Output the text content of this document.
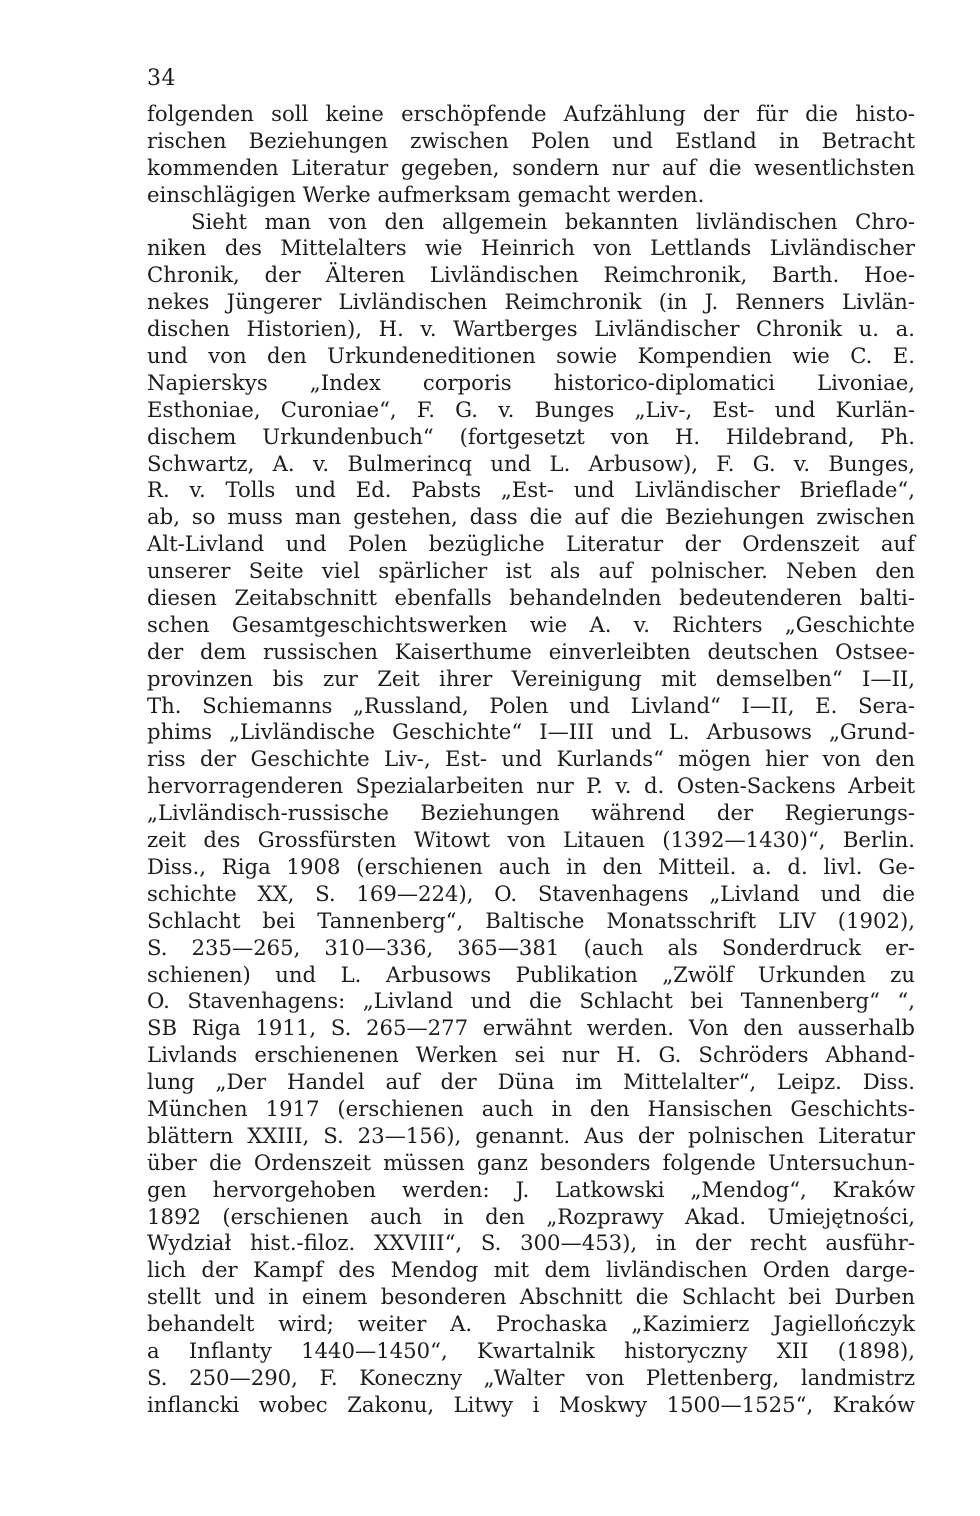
34
folgenden soll keine erschöpfende Aufzählung der für die histo-
rischen Beziehungen zwischen Polen und Estland in Betracht
kommenden Literatur gegeben, sondern nur auf die wesentlichsten
einschlägigen Werke aufmerksam gemacht werden.
Sieht man von den allgemein bekannten livländischen Chro-
niken des Mittelalters wie Heinrich von Lettlands Livländischer
Chronik, der Älteren Livländischen Reimchronik, Barth. Hoe-
nekes Jüngerer Livländischen Reimchronik (in J. Renners Livlän-
dischen Historien), H. v. Wartberges Livländischer Chronik u. a.
und von den Urkundeneditionen sowie Kompendien wie C. E.
Napierskys „Index corporis historico-diplomatici Livoniae,
Esthoniae, Curoniae“, F. G. v. Bunges „Liv-, Est- und Kurlän-
dischem Urkundenbuch“ (fortgesetzt von H. Hildebrand, Ph.
Schwartz, A. v. Bulmerincq und L. Arbusow), F. G. v. Bunges,
R. v. Tolls und Ed. Pabsts „Est- und Livländischer Brieflade“,
ab, so muss man gestehen, dass die auf die Beziehungen zwischen
Alt-Livland und Polen bezügliche Literatur der Ordenszeit auf
unserer Seite viel spärlicher ist als auf polnischer. Neben den
diesen Zeitabschnitt ebenfalls behandelnden bedeutenderen balti-
schen Gesamtgeschichtswerken wie A. v. Richters „Geschichte
der dem russischen Kaiserthume einverleibten deutschen Ostsee-
provinzen bis zur Zeit ihrer Vereinigung mit demselben“ I—II,
Th. Schiemanns „Russland, Polen und Livland“ I—II, E. Sera-
phims „Livländische Geschichte“ I—III und L. Arbusows „Grund-
riss der Geschichte Liv-, Est- und Kurlands“ mögen hier von den
hervorragenderen Spezialarbeiten nur P. v. d. Osten-Sackens Arbeit
„Livländisch-russische Beziehungen während der Regierungs-
zeit des Grossfürsten Witowt von Litauen (1392—1430)“, Berlin.
Diss., Riga 1908 (erschienen auch in den Mitteil. a. d. livl. Ge-
schichte XX, S. 169—224), O. Stavenhagens „Livland und die
Schlacht bei Tannenberg“, Baltische Monatsschrift LIV (1902),
S. 235—265, 310—336, 365—381 (auch als Sonderdruck er-
schienen) und L. Arbusows Publikation „Zwölf Urkunden zu
O. Stavenhagens: „Livland und die Schlacht bei Tannenberg“ “,
SB Riga 1911, S. 265—277 erwähnt werden. Von den ausserhalb
Livlands erschienenen Werken sei nur H. G. Schröders Abhand-
lung „Der Handel auf der Düna im Mittelalter“, Leipz. Diss.
München 1917 (erschienen auch in den Hansischen Geschichts-
blättern XXIII, S. 23—156), genannt. Aus der polnischen Literatur
über die Ordenszeit müssen ganz besonders folgende Untersuchun-
gen hervorgehoben werden: J. Latkowski „Mendog“, Kraków
1892 (erschienen auch in den „Rozprawy Akad. Umiejętności,
Wydział hist.-filoz. XXVIII“, S. 300—453), in der recht ausführ-
lich der Kampf des Mendog mit dem livländischen Orden darge-
stellt und in einem besonderen Abschnitt die Schlacht bei Durben
behandelt wird; weiter A. Prochaska „Kazimierz Jagiellończyk
a Inflanty 1440—1450“, Kwartalnik historyczny XII (1898),
S. 250—290, F. Koneczny „Walter von Plettenberg, landmistrz
inflancki wobec Zakonu, Litwy i Moskwy 1500—1525“, Kraków
